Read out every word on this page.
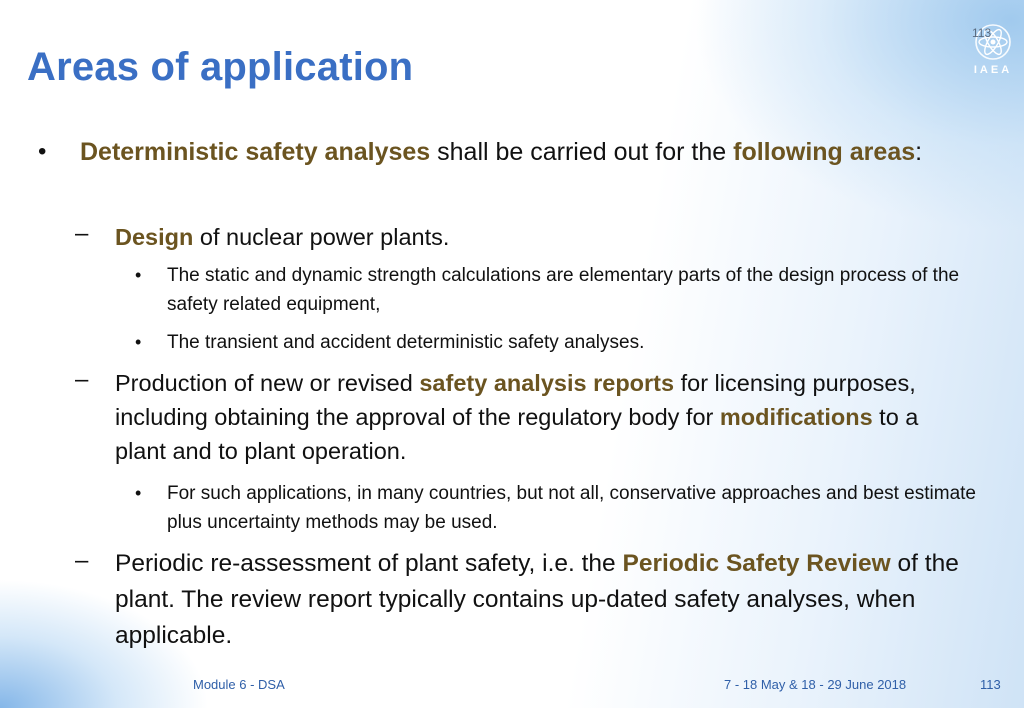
Areas of application	IAEA
113
• Deterministic safety analyses shall be carried out for the following areas:
– Design of nuclear power plants.
• The static and dynamic strength calculations are elementary parts of the design process of the safety related equipment,
• The transient and accident deterministic safety analyses.
– Production of new or revised safety analysis reports for licensing purposes, including obtaining the approval of the regulatory body for modifications to a plant and to plant operation.
• For such applications, in many countries, but not all, conservative approaches and best estimate plus uncertainty methods may be used.
– Periodic re-assessment of plant safety, i.e. the Periodic Safety Review of the plant. The review report typically contains up-dated safety analyses, when applicable.
Module 6 - DSA	7 - 18 May & 18 - 29 June 2018	113
